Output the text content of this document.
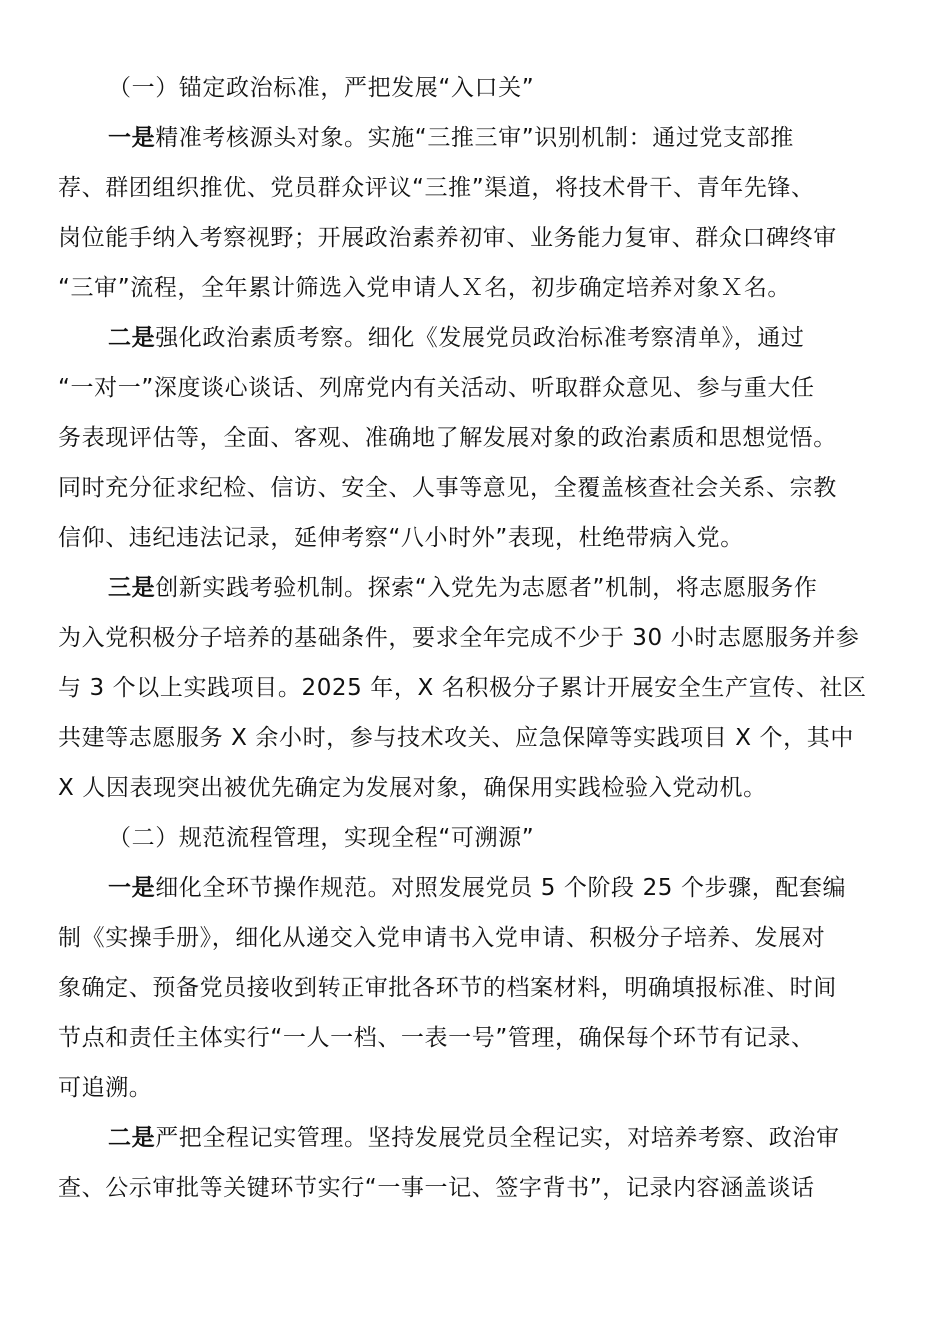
（一）锚定政治标准，严把发展“入口关”
一是精准考核源头对象。实施“三推三审”识别机制：通过党支部推
荐、群团组织推优、党员群众评议“三推”渠道，将技术骨干、青年先锋、
岗位能手纳入考察视野；开展政治素养初审、业务能力复审、群众口碑终审
“三审”流程，全年累计筛选入党申请人Ｘ名，初步确定培养对象Ｘ名。
二是强化政治素质考察。细化《发展党员政治标准考察清单》，通过
“一对一”深度谈心谈话、列席党内有关活动、听取群众意见、参与重大任
务表现评估等，全面、客观、准确地了解发展对象的政治素质和思想觉悟。
同时充分征求纪检、信访、安全、人事等意见，全覆盖核查社会关系、宗教
信仰、违纪违法记录，延伸考察“八小时外”表现，杜绝带病入党。
三是创新实践考验机制。探索“入党先为志愿者”机制，将志愿服务作
为入党积极分子培养的基础条件，要求全年完成不少于 30 小时志愿服务并参
与 3 个以上实践项目。2025 年，X 名积极分子累计开展安全生产宣传、社区
共建等志愿服务 X 余小时，参与技术攻关、应急保障等实践项目 X 个，其中
X 人因表现突出被优先确定为发展对象，确保用实践检验入党动机。
（二）规范流程管理，实现全程“可溯源”
一是细化全环节操作规范。对照发展党员 5 个阶段 25 个步骤，配套编
制《实操手册》，细化从递交入党申请书入党申请、积极分子培养、发展对
象确定、预备党员接收到转正审批各环节的档案材料，明确填报标准、时间
节点和责任主体实行“一人一档、一表一号”管理，确保每个环节有记录、
可追溯。
二是严把全程记实管理。坚持发展党员全程记实，对培养考察、政治审
查、公示审批等关键环节实行“一事一记、签字背书”，记录内容涵盖谈话
